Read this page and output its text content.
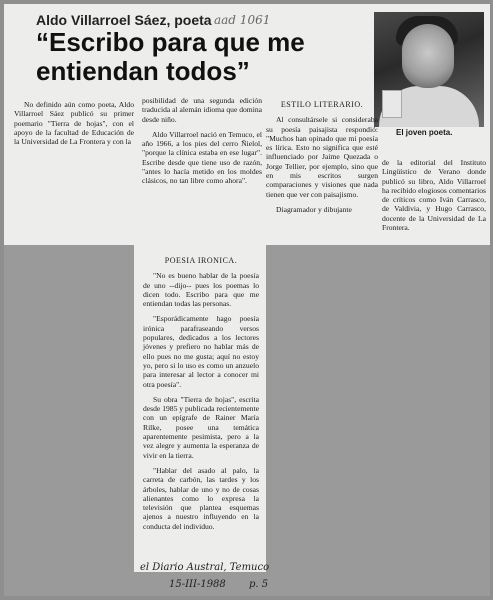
Aldo Villarroel Sáez, poeta aad 1061
“Escribo para que me entiendan todos”
El joven poeta.

No definido aún como poeta, Aldo Villarroel Sáez publicó su primer poemario "Tierra de hojas", con el apoyo de la facultad de Educación de la Universidad de La Frontera y con la

posibilidad de una segunda edición traducida al alemán idioma que domina desde niño.

Aldo Villarroel nació en Temuco, el año 1966, a los pies del cerro Ñielol, "porque la clínica estaba en ese lugar". Escribe desde que tiene uso de razón, "antes lo hacía metido en los moldes clásicos, no tan libre como ahora".

ESTILO LITERARIO.

Al consultársele si consideraba su poesía paisajista respondió: "Muchos han opinado que mi poesía es lírica. Esto no significa que esté influenciado por Jaime Quezada o Jorge Tellier, por ejemplo, sino que en mis escritos surgen comparaciones y visiones que nada tienen que ver con paisajismo.

Diagramador y dibujante

de la editorial del Instituto Lingüístico de Verano donde publicó su libro, Aldo Villarroel ha recibido elogiosos comentarios de críticos como Iván Carrasco, de Valdivia, y Hugo Carrasco, docente de la Universidad de La Frontera.

POESIA IRONICA.

"No es bueno hablar de la poesía de uno --dijo-- pues los poemas lo dicen todo. Escribo para que me entiendan todas las personas.

"Esporádicamente hago poesía irónica parafraseando versos populares, dedicados a los lectores jóvenes y prefiero no hablar más de ello pues no me gusta; aquí no estoy yo, pero si lo uso es como un anzuelo para interesar al lector a conocer mi otra poesía".

Su obra "Tierra de hojas", escrita desde 1985 y publicada recientemente con un epígrafe de Rainer María Rilke, posee una temática aparentemente pesimista, pero a la vez alegre y aumenta la esperanza de vivir en la tierra.

"Hablar del asado al palo, la carreta de carbón, las tardes y los árboles, hablar de uno y no de cosas alienantes como lo expresa la televisión que plantea esquemas ajenos a nuestro influyendo en la conducta del individuo.

el Diario Austral, Temuco
15-III-1988 p. 5
